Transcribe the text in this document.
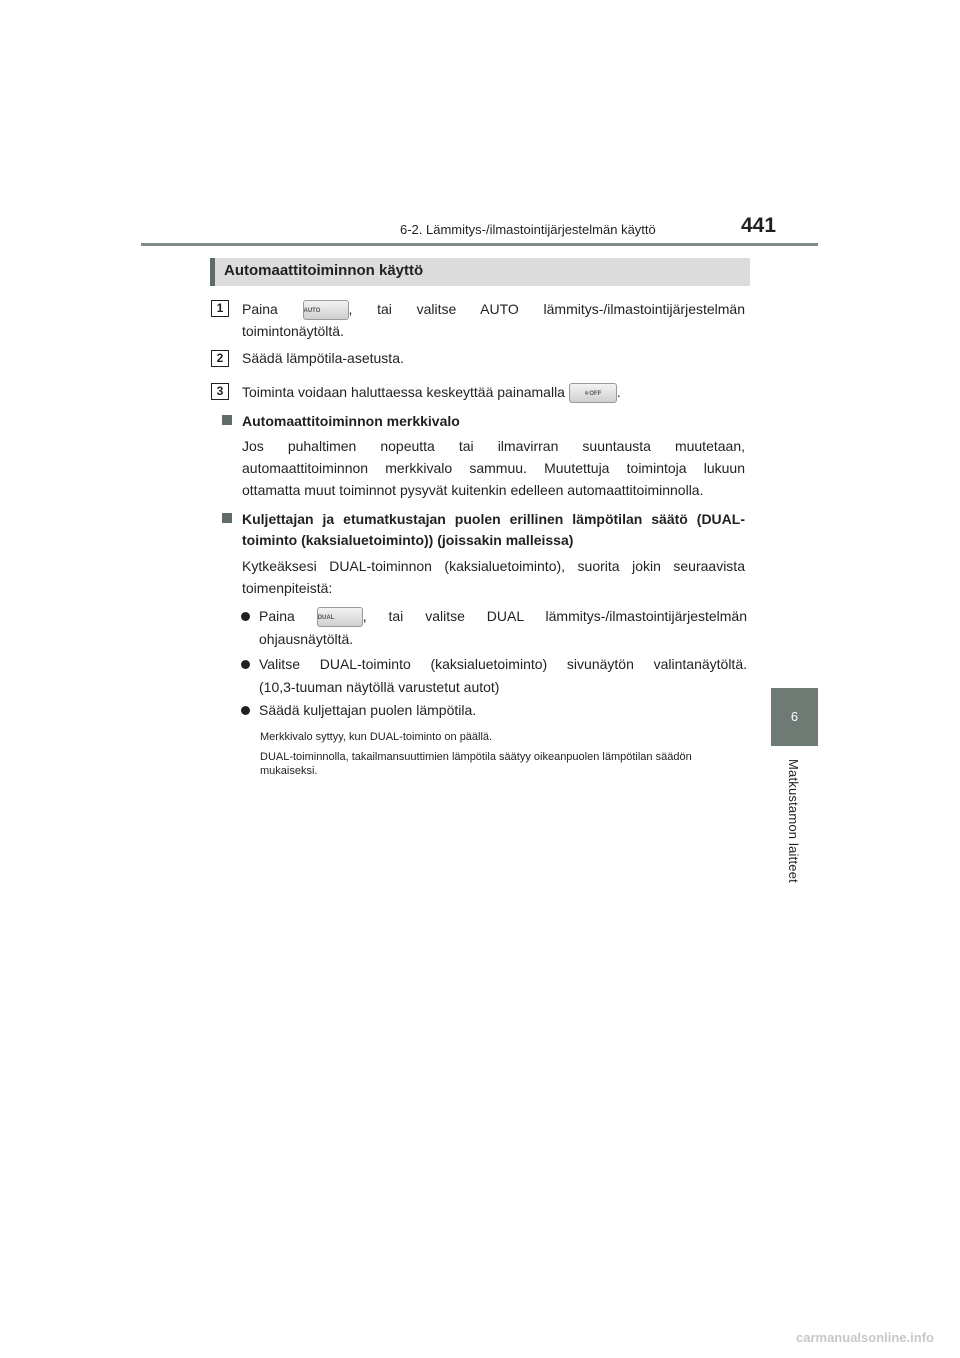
6-2. Lämmitys-/ilmastointijärjestelmän käyttö	441
6
Matkustamon laitteet
Automaattitoiminnon käyttö
1	Paina	AUTO , tai valitse AUTO lämmitys-/ilmastointijärjestelmän
toimintonäytöltä.
2	Säädä lämpötila-asetusta.
3	Toiminta voidaan haluttaessa keskeyttää painamalla	❄OFF .
Automaattitoiminnon merkkivalo
Jos puhaltimen nopeutta tai ilmavirran suuntausta muutetaan,
automaattitoiminnon merkkivalo sammuu. Muutettuja toimintoja lukuun
ottamatta muut toiminnot pysyvät kuitenkin edelleen automaattitoiminnolla.
Kuljettajan ja etumatkustajan puolen erillinen lämpötilan säätö (DUAL-
toiminto (kaksialuetoiminto)) (joissakin malleissa)
Kytkeäksesi DUAL-toiminnon (kaksialuetoiminto), suorita jokin seuraavista
toimenpiteistä:
Paina	DUAL , tai valitse DUAL lämmitys-/ilmastointijärjestelmän
ohjausnäytöltä.
Valitse DUAL-toiminto (kaksialuetoiminto) sivunäytön valintanäytöltä.
(10,3-tuuman näytöllä varustetut autot)
Säädä kuljettajan puolen lämpötila.
Merkkivalo syttyy, kun DUAL-toiminto on päällä.
DUAL-toiminnolla, takailmansuuttimien lämpötila säätyy oikeanpuolen lämpötilan säädön mukaiseksi.
carmanualsonline.info
